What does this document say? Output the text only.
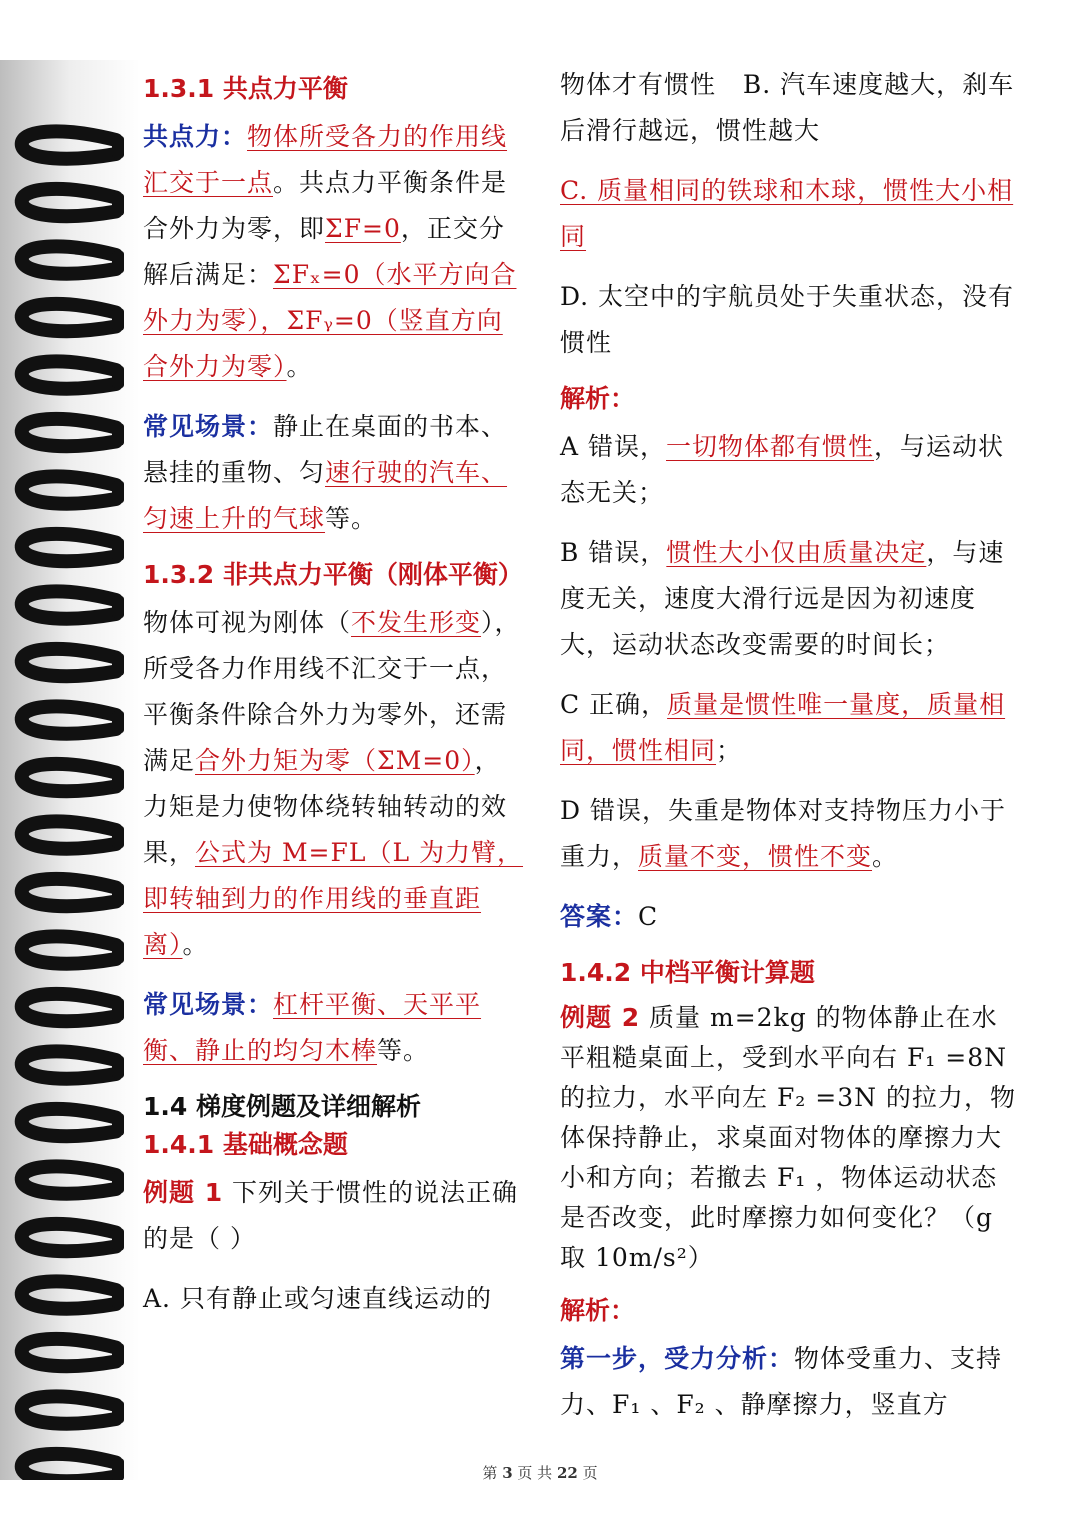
1.3.1 共点力平衡

共点力：物体所受各力的作用线汇交于一点。共点力平衡条件是合外力为零，即ΣF=0，正交分解后满足：ΣFₓ=0（水平方向合外力为零），ΣFᵧ=0（竖直方向合外力为零）。

常见场景：静止在桌面的书本、悬挂的重物、匀速行驶的汽车、匀速上升的气球等。

1.3.2 非共点力平衡（刚体平衡）

物体可视为刚体（不发生形变），所受各力作用线不汇交于一点，平衡条件除合外力为零外，还需满足合外力矩为零（ΣM=0），力矩是力使物体绕转轴转动的效果，公式为 M=FL（L 为力臂，即转轴到力的作用线的垂直距离）。

常见场景：杠杆平衡、天平平衡、静止的均匀木棒等。

1.4 梯度例题及详细解析
1.4.1 基础概念题

例题 1 下列关于惯性的说法正确的是（ ）

A. 只有静止或匀速直线运动的

物体才有惯性 B. 汽车速度越大，刹车后滑行越远，惯性越大

C. 质量相同的铁球和木球，惯性大小相同

D. 太空中的宇航员处于失重状态，没有惯性

解析：

A 错误，一切物体都有惯性，与运动状态无关；

B 错误，惯性大小仅由质量决定，与速度无关，速度大滑行远是因为初速度大，运动状态改变需要的时间长；

C 正确，质量是惯性唯一量度，质量相同，惯性相同；

D 错误，失重是物体对支持物压力小于重力，质量不变，惯性不变。

答案：C

1.4.2 中档平衡计算题

例题 2 质量 m=2kg 的物体静止在水平粗糙桌面上，受到水平向右 F₁ =8N 的拉力，水平向左 F₂ =3N 的拉力，物体保持静止，求桌面对物体的摩擦力大小和方向；若撤去 F₁ ，物体运动状态是否改变，此时摩擦力如何变化？（g 取 10m/s²）

解析：

第一步，受力分析：物体受重力、支持力、F₁ 、F₂ 、静摩擦力，竖直方

第 3 页 共 22 页
